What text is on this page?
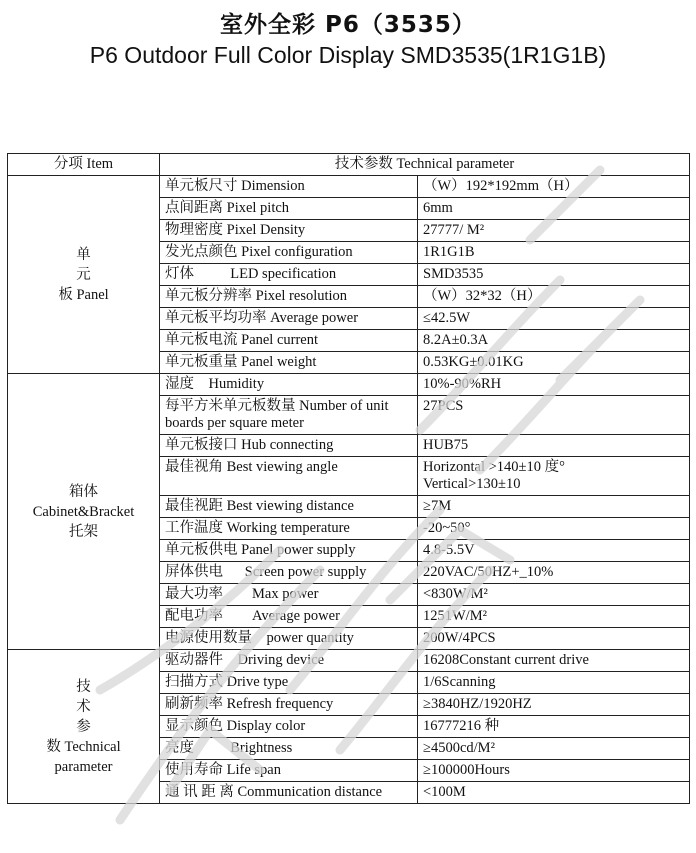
室外全彩 P6（3535）
P6 Outdoor Full Color Display SMD3535(1R1G1B)
分项 Item	技术参数 Technical parameter	

单
元
板 Panel	单元板尺寸 Dimension	（W）192*192mm（H）
	点间距离 Pixel pitch	6mm
	物理密度 Pixel Density	27777/ M²
	发光点颜色 Pixel configuration	1R1G1B
	灯体          LED specification	SMD3535
	单元板分辨率 Pixel resolution	（W）32*32（H）
	单元板平均功率 Average power	≤42.5W
	单元板电流 Panel current	8.2A±0.3A
	单元板重量 Panel weight	0.53KG±0.01KG

箱体
Cabinet&Bracket
托架	湿度    Humidity	10%-90%RH
	每平方米单元板数量 Number of unit boards per square meter	27PCS
	单元板接口 Hub connecting	HUB75
	最佳视角 Best viewing angle	Horizontal >140±10 度°
Vertical>130±10

	最佳视距 Best viewing distance	≥7M
	工作温度 Working temperature	-20~50°
	单元板供电 Panel power supply	4.8-5.5V
	屏体供电      Screen power supply	220VAC/50HZ+_10%
	最大功率        Max power	<830W/M²
	配电功率        Average power	1251W/M²
	电源使用数量    power quantity	200W/4PCS

技
术
参
数 Technical
parameter	驱动器件    Driving device	16208Constant current drive
	扫描方式 Drive type	1/6Scanning
	刷新频率 Refresh frequency	≥3840HZ/1920HZ
	显示颜色 Display color	16777216 种
	亮度          Brightness	≥4500cd/M²
	使用寿命 Life span	≥100000Hours
	通 讯 距 离 Communication distance	<100M
